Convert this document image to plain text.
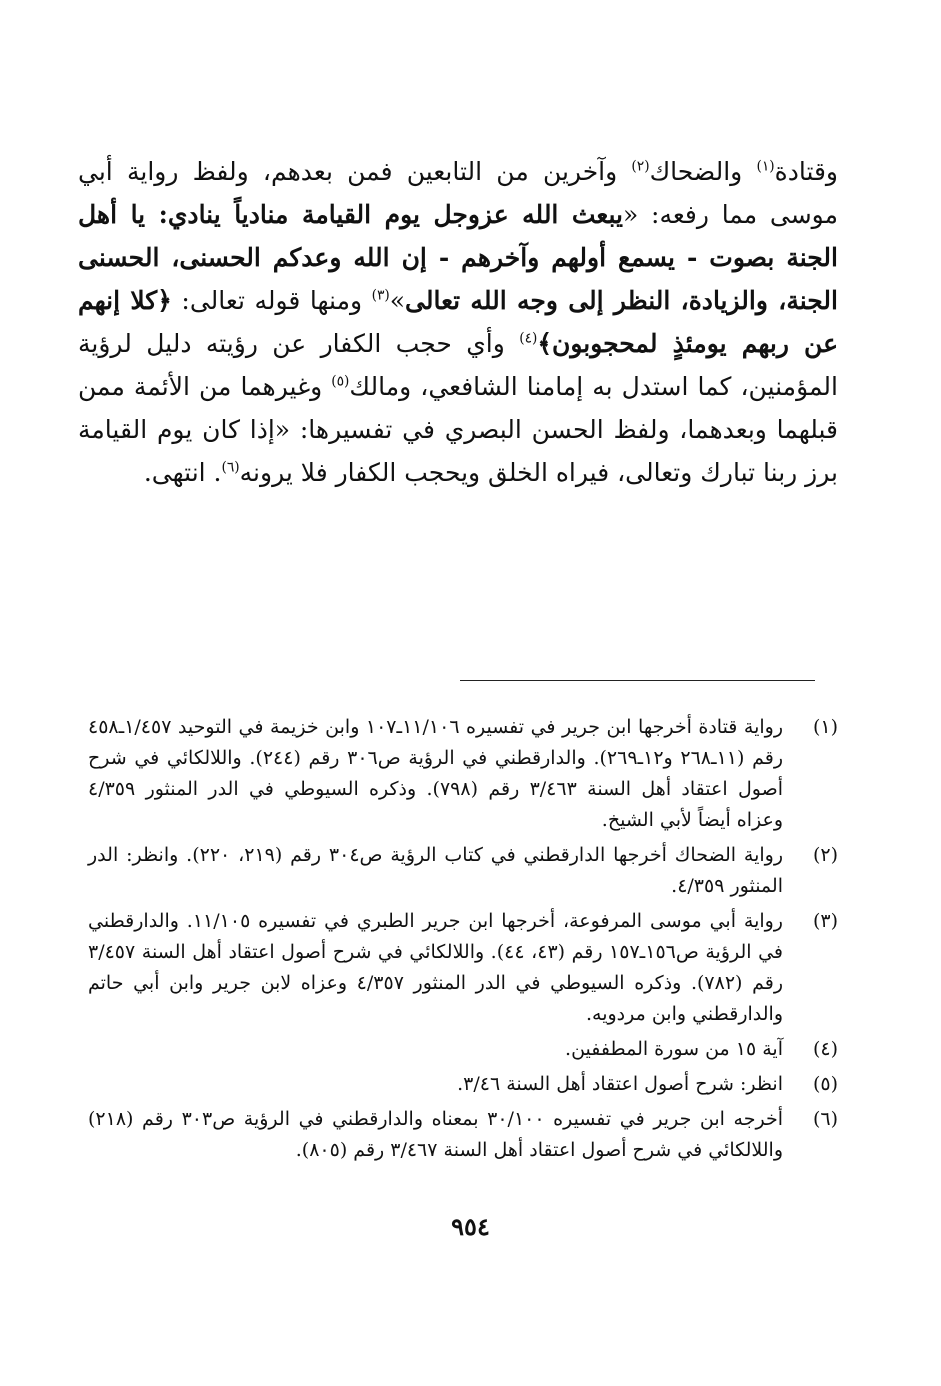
وقتادة$^{(١)}$ والضحاك$^{(٢)}$ وآخرين من التابعين فمن بعدهم، ولفظ رواية أبي موسى مما رفعه: «يبعث الله عزوجل يوم القيامة منادياً ينادي: يا أهل الجنة بصوت - يسمع أولهم وآخرهم - إن الله وعدكم الحسنى، الحسنى الجنة، والزيادة، النظر إلى وجه الله تعالى»$^{(٣)}$ ومنها قوله تعالى: ﴿كلا إنهم عن ربهم يومئذٍ لمحجوبون﴾$^{(٤)}$ وأي حجب الكفار عن رؤيته دليل لرؤية المؤمنين، كما استدل به إمامنا الشافعي، ومالك$^{(٥)}$ وغيرهما من الأئمة ممن قبلهما وبعدهما، ولفظ الحسن البصري في تفسيرها: «إذا كان يوم القيامة برز ربنا تبارك وتعالى، فيراه الخلق ويحجب الكفار فلا يرونه$^{(٦)}$. انتهى.

(١)
رواية قتادة أخرجها ابن جرير في تفسيره ١١/١٠٦ـ١٠٧ وابن خزيمة في التوحيد ١/٤٥٧ـ٤٥٨ رقم (١١ـ٢٦٨ و١٢ـ٢٦٩). والدارقطني في الرؤية ص٣٠٦ رقم (٢٤٤). واللالكائي في شرح أصول اعتقاد أهل السنة ٣/٤٦٣ رقم (٧٩٨). وذكره السيوطي في الدر المنثور ٤/٣٥٩ وعزاه أيضاً لأبي الشيخ.
(٢)
رواية الضحاك أخرجها الدارقطني في كتاب الرؤية ص٣٠٤ رقم (٢١٩، ٢٢٠). وانظر: الدر المنثور ٤/٣٥٩.
(٣)
رواية أبي موسى المرفوعة، أخرجها ابن جرير الطبري في تفسيره ١١/١٠٥. والدارقطني في الرؤية ص١٥٦ـ١٥٧ رقم (٤٣، ٤٤). واللالكائي في شرح أصول اعتقاد أهل السنة ٣/٤٥٧ رقم (٧٨٢). وذكره السيوطي في الدر المنثور ٤/٣٥٧ وعزاه لابن جرير وابن أبي حاتم والدارقطني وابن مردويه.
(٤)
آية ١٥ من سورة المطففين.
(٥)
انظر: شرح أصول اعتقاد أهل السنة ٣/٤٦.
(٦)
أخرجه ابن جرير في تفسيره ٣٠/١٠٠ بمعناه والدارقطني في الرؤية ص٣٠٣ رقم (٢١٨) واللالكائي في شرح أصول اعتقاد أهل السنة ٣/٤٦٧ رقم (٨٠٥).
٩٥٤
